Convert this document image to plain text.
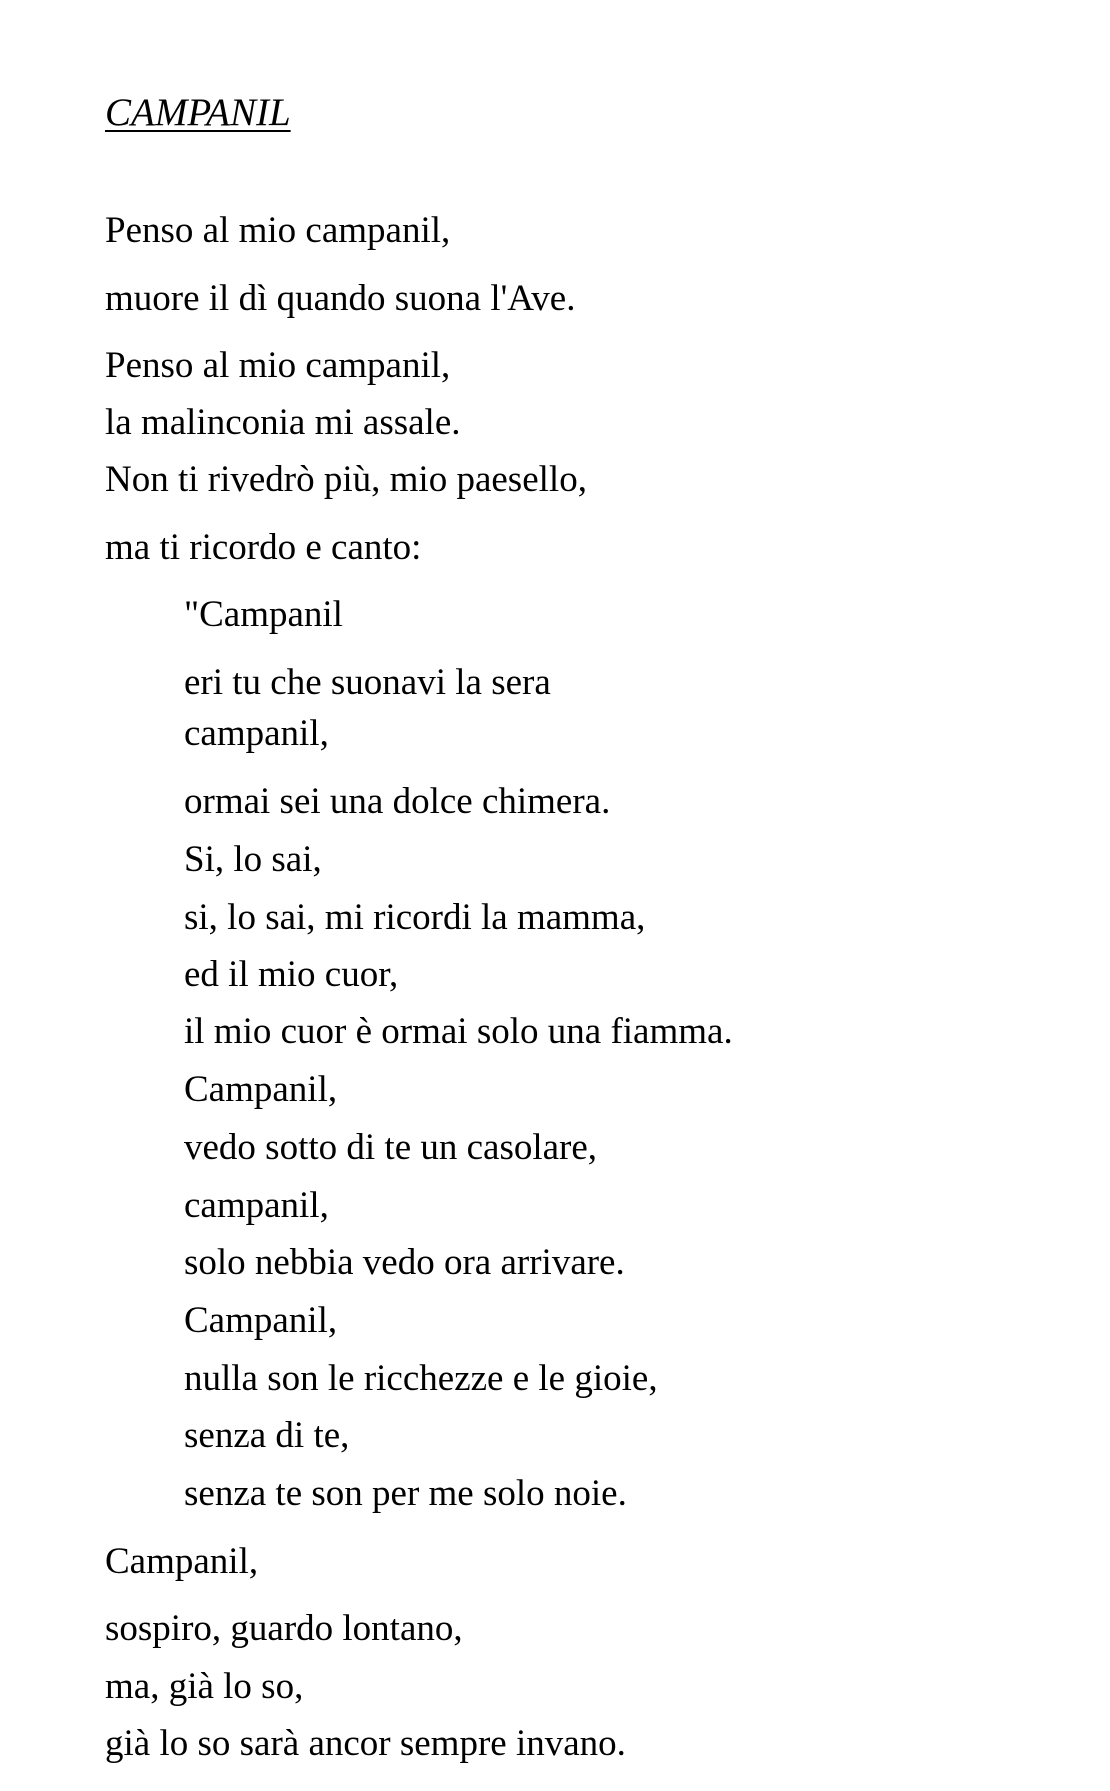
CAMPANIL
Penso al mio campanil,
muore il dì quando suona l'Ave.
Penso al mio campanil,
la malinconia mi assale.
Non ti rivedrò più, mio paesello,
ma ti ricordo e canto:
"Campanil
eri tu che suonavi la sera
campanil,
ormai sei una dolce chimera.
Si, lo sai,
si, lo sai, mi ricordi la mamma,
ed il mio cuor,
il mio cuor è ormai solo una fiamma.
Campanil,
vedo sotto di te un casolare,
campanil,
solo nebbia vedo ora arrivare.
Campanil,
nulla son le ricchezze e le gioie,
senza di te,
senza te son per me solo noie.
Campanil,
sospiro, guardo lontano,
ma, già lo so,
già lo so sarà ancor sempre invano.
